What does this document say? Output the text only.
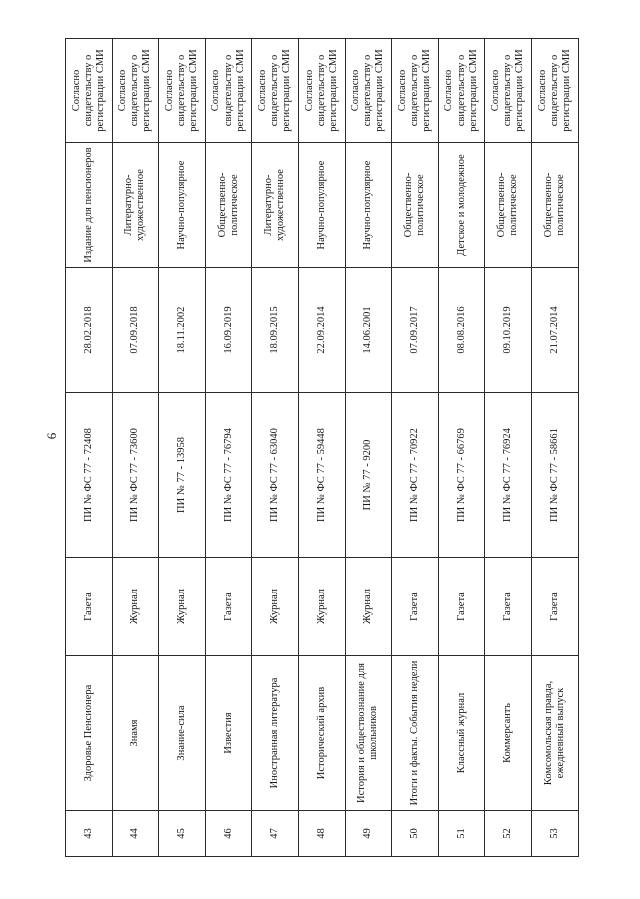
6
43	Здоровье Пенсионера	Газета	ПИ № ФС 77 - 72408	28.02.2018	Издание для пенсионеров	Согласно свидетельству о регистрации СМИ
44	Знамя	Журнал	ПИ № ФС 77 - 73600	07.09.2018	Литературно-художественное	Согласно свидетельству о регистрации СМИ
45	Знание-сила	Журнал	ПИ № 77 - 13958	18.11.2002	Научно-популярное	Согласно свидетельству о регистрации СМИ
46	Известия	Газета	ПИ № ФС 77 - 76794	16.09.2019	Общественно-политическое	Согласно свидетельству о регистрации СМИ
47	Иностранная литература	Журнал	ПИ № ФС 77 - 63040	18.09.2015	Литературно-художественное	Согласно свидетельству о регистрации СМИ
48	Исторический архив	Журнал	ПИ № ФС 77 - 59448	22.09.2014	Научно-популярное	Согласно свидетельству о регистрации СМИ
49	История и обществознание для школьников	Журнал	ПИ № 77 - 9200	14.06.2001	Научно-популярное	Согласно свидетельству о регистрации СМИ
50	Итоги и факты. События недели	Газета	ПИ № ФС 77 - 70922	07.09.2017	Общественно-политическое	Согласно свидетельству о регистрации СМИ
51	Классный журнал	Газета	ПИ № ФС 77 - 66769	08.08.2016	Детское и молодежное	Согласно свидетельству о регистрации СМИ
52	Коммерсантъ	Газета	ПИ № ФС 77 - 76924	09.10.2019	Общественно-политическое	Согласно свидетельству о регистрации СМИ
53	Комсомольская правда, ежедневный выпуск	Газета	ПИ № ФС 77 - 58661	21.07.2014	Общественно-политическое	Согласно свидетельству о регистрации СМИ
